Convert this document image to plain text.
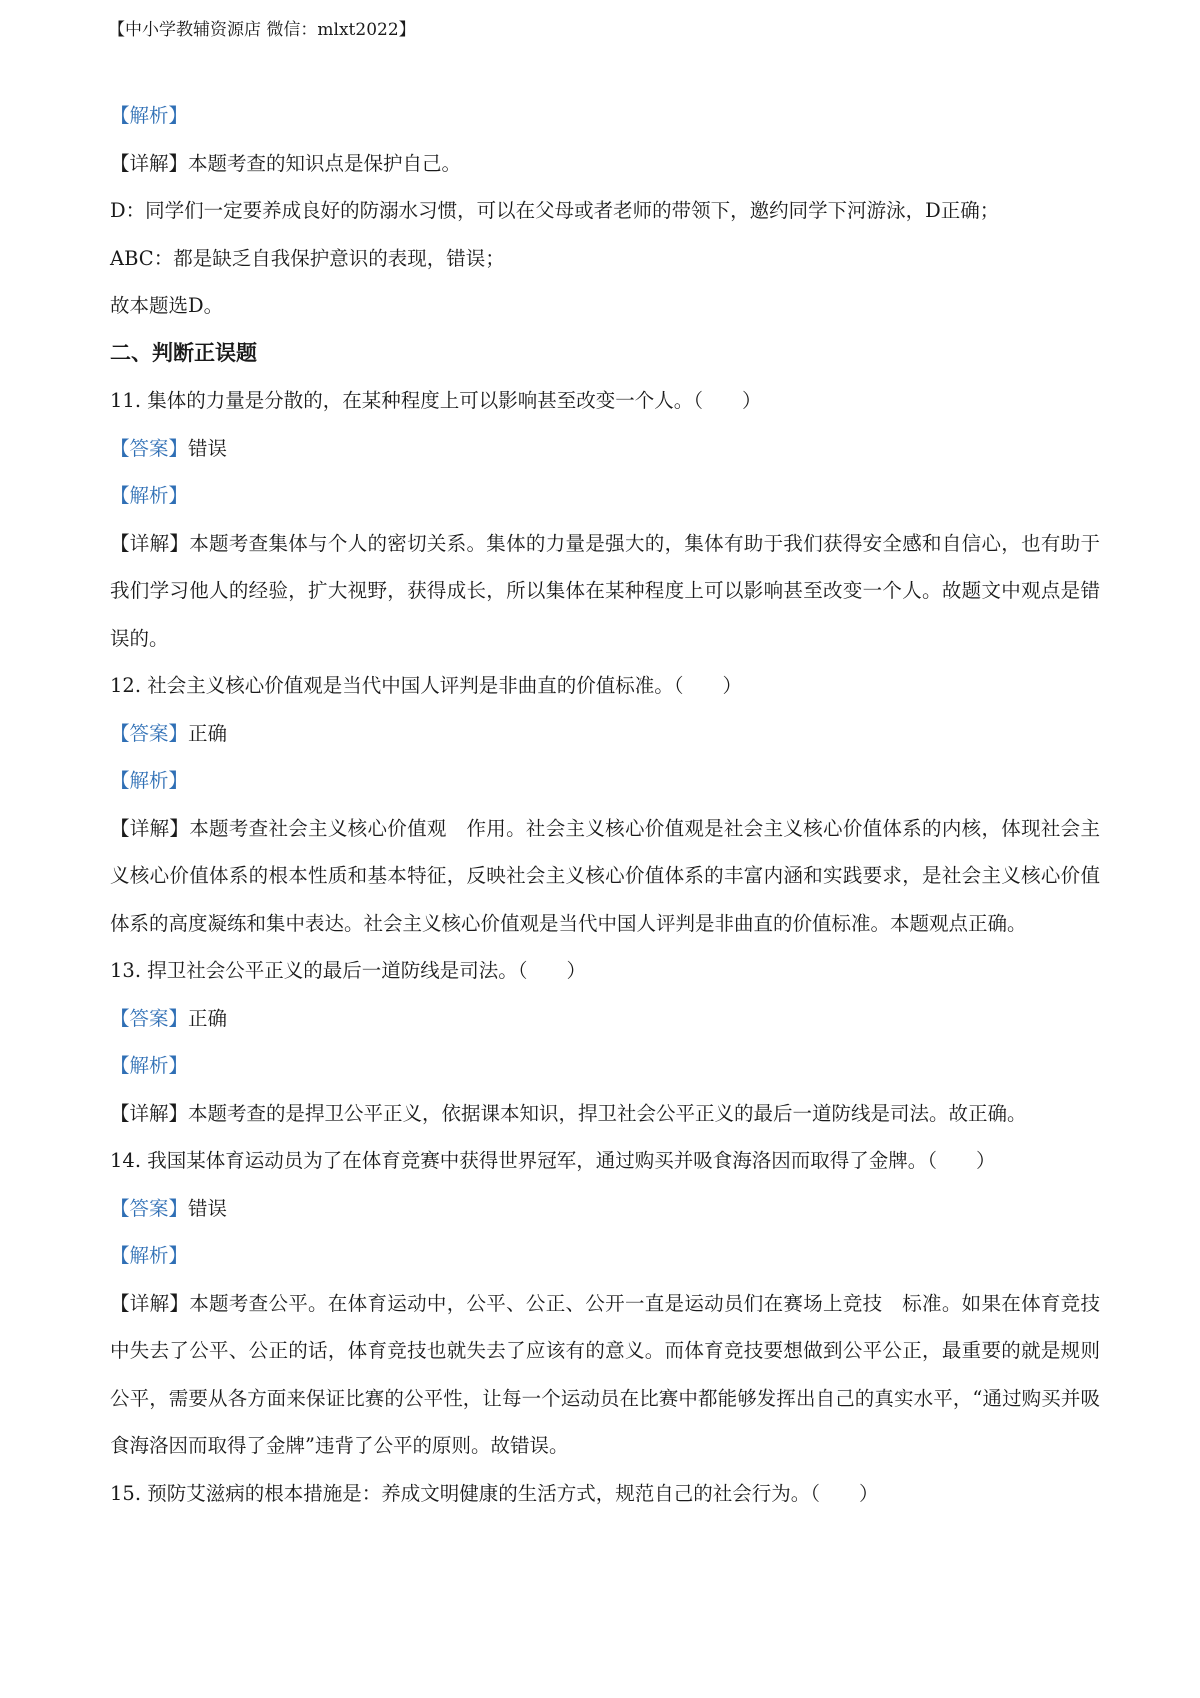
【中小学教辅资源店 微信：mlxt2022】
【解析】
【详解】本题考查的知识点是保护自己。
D：同学们一定要养成良好的防溺水习惯，可以在父母或者老师的带领下，邀约同学下河游泳，D正确；
ABC：都是缺乏自我保护意识的表现，错误；
故本题选D。
二、判断正误题
11. 集体的力量是分散的，在某种程度上可以影响甚至改变一个人。（　　）
【答案】错误
【解析】
【详解】本题考查集体与个人的密切关系。集体的力量是强大的，集体有助于我们获得安全感和自信心，也有助于我们学习他人的经验，扩大视野，获得成长，所以集体在某种程度上可以影响甚至改变一个人。故题文中观点是错误的。
12. 社会主义核心价值观是当代中国人评判是非曲直的价值标准。（　　）
【答案】正确
【解析】
【详解】本题考查社会主义核心价值观　作用。社会主义核心价值观是社会主义核心价值体系的内核，体现社会主义核心价值体系的根本性质和基本特征，反映社会主义核心价值体系的丰富内涵和实践要求，是社会主义核心价值体系的高度凝练和集中表达。社会主义核心价值观是当代中国人评判是非曲直的价值标准。本题观点正确。
13. 捍卫社会公平正义的最后一道防线是司法。（　　）
【答案】正确
【解析】
【详解】本题考查的是捍卫公平正义，依据课本知识，捍卫社会公平正义的最后一道防线是司法。故正确。
14. 我国某体育运动员为了在体育竞赛中获得世界冠军，通过购买并吸食海洛因而取得了金牌。（　　）
【答案】错误
【解析】
【详解】本题考查公平。在体育运动中，公平、公正、公开一直是运动员们在赛场上竞技　标准。如果在体育竞技中失去了公平、公正的话，体育竞技也就失去了应该有的意义。而体育竞技要想做到公平公正，最重要的就是规则公平，需要从各方面来保证比赛的公平性，让每一个运动员在比赛中都能够发挥出自己的真实水平，“通过购买并吸食海洛因而取得了金牌”违背了公平的原则。故错误。
15. 预防艾滋病的根本措施是：养成文明健康的生活方式，规范自己的社会行为。（　　）
